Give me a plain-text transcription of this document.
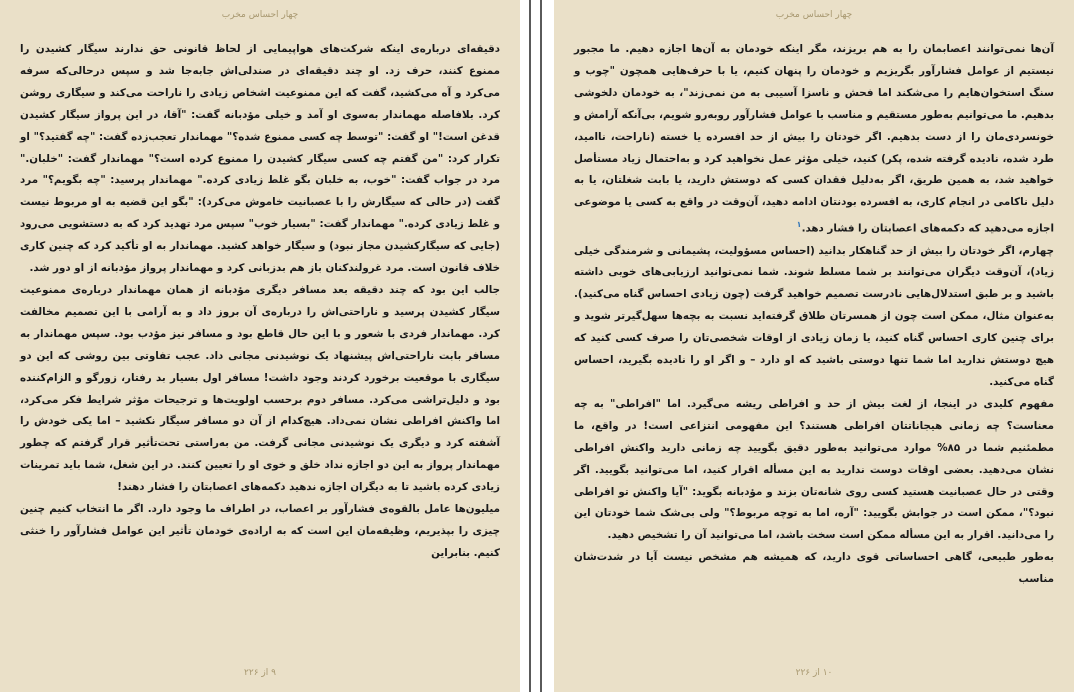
چهار احساس مخرب

دقیقه‌ای درباره‌ی اینکه شرکت‌های هواپیمایی از لحاظ قانونی حق ندارند سیگار کشیدن را ممنوع کنند، حرف زد. او چند دقیقه‌ای در صندلی‌اش جابه‌جا شد و سپس درحالی‌که سرفه می‌کرد و آه می‌کشید، گفت که این ممنوعیت اشخاص زیادی را ناراحت می‌کند و سیگاری روشن کرد. بلافاصله مهماندار به‌سوی او آمد و خیلی مؤدبانه گفت: "آقا، در این پرواز سیگار کشیدن قدغن است!" او گفت: "توسط چه کسی ممنوع شده؟" مهماندار تعجب‌زده گفت: "چه گفتید؟" او تکرار کرد: "من گفتم چه کسی سیگار کشیدن را ممنوع کرده است؟" مهماندار گفت: "خلبان." مرد در جواب گفت: "خوب، به خلبان بگو غلط زیادی کرده." مهماندار پرسید: "چه بگویم؟" مرد گفت (در حالی که سیگارش را با عصبانیت خاموش می‌کرد): "بگو این قضیه به او مربوط نیست و غلط زیادی کرده." مهماندار گفت: "بسیار خوب" سپس مرد تهدید کرد که به دستشویی می‌رود (جایی که سیگارکشیدن مجاز نبود) و سیگار خواهد کشید. مهماندار به او تأکید کرد که چنین کاری خلاف قانون است. مرد غرولندکنان باز هم بدزبانی کرد و مهماندار پرواز مؤدبانه از او دور شد.

جالب این بود که چند دقیقه بعد مسافر دیگری مؤدبانه از همان مهماندار درباره‌ی ممنوعیت سیگار کشیدن پرسید و ناراحتی‌اش را درباره‌ی آن بروز داد و به آرامی با این تصمیم مخالفت کرد. مهماندار فردی با شعور و با این حال قاطع بود و مسافر نیز مؤدب بود. سپس مهماندار به مسافر بابت ناراحتی‌اش پیشنهاد یک نوشیدنی مجانی داد. عجب تفاوتی بین روشی که این دو سیگاری با موقعیت برخورد کردند وجود داشت! مسافر اول بسیار بد رفتار، زورگو و الزام‌کننده بود و دلیل‌تراشی می‌کرد. مسافر دوم برحسب اولویت‌ها و ترجیحات مؤثر شرایط فکر می‌کرد، اما واکنش افراطی نشان نمی‌داد. هیچ‌کدام از آن دو مسافر سیگار نکشید – اما یکی خودش را آشفته کرد و دیگری یک نوشیدنی مجانی گرفت. من به‌راستی تحت‌تأثیر قرار گرفتم که چطور مهماندار پرواز به این دو اجازه نداد خلق و خوی او را تعیین کنند. در این شغل، شما باید تمرینات زیادی کرده باشید تا به دیگران اجازه ندهید دکمه‌های اعصابتان را فشار دهند!

میلیون‌ها عامل بالقوه‌ی فشارآور بر اعصاب، در اطراف ما وجود دارد. اگر ما انتخاب کنیم چنین چیزی را بپذیریم، وظیفه‌مان این است که به اراده‌ی خودمان تأثیر این عوامل فشارآور را خنثی کنیم. بنابراین

۹ از ۲۲۶
چهار احساس مخرب

آن‌ها نمی‌توانند اعصابمان را به هم بریزند، مگر اینکه خودمان به آن‌ها اجازه دهیم. ما مجبور نیستیم از عوامل فشارآور بگریزیم و خودمان را پنهان کنیم، یا با حرف‌هایی همچون "چوب و سنگ استخوان‌هایم را می‌شکند اما فحش و ناسزا آسیبی به من نمی‌زند"، به خودمان دلخوشی بدهیم. ما می‌توانیم به‌طور مستقیم و مناسب با عوامل فشارآور روبه‌رو شویم، بی‌آنکه آرامش و خونسردی‌مان را از دست بدهیم. اگر خودتان را بیش از حد افسرده یا خسته (ناراحت، ناامید، طرد شده، نادیده گرفته شده، پکر) کنید، خیلی مؤثر عمل نخواهید کرد و به‌احتمال زیاد مستأصل خواهید شد، به همین طریق، اگر به‌دلیل فقدان کسی که دوستش دارید، یا بابت شغلتان، یا به دلیل ناکامی در انجام کاری، به افسرده بودنتان ادامه دهید، آن‌وقت در واقع به کسی یا موضوعی اجازه می‌دهید که دکمه‌های اعصابتان را فشار دهد.$^۱$

چهارم، اگر خودتان را بیش از حد گناهکار بدانید (احساس مسؤولیت، پشیمانی و شرمندگی خیلی زیاد)، آن‌وقت دیگران می‌توانند بر شما مسلط شوند. شما نمی‌توانید ارزیابی‌های خوبی داشته باشید و بر طبق استدلال‌هایی نادرست تصمیم خواهید گرفت (چون زیادی احساس گناه می‌کنید). به‌عنوان مثال، ممکن است چون از همسرتان طلاق گرفته‌اید نسبت به بچه‌ها سهل‌گیرتر شوید و برای چنین کاری احساس گناه کنید، یا زمان زیادی از اوقات شخصی‌تان را صرف کسی کنید که هیچ دوستش ندارید اما شما تنها دوستی باشید که او دارد – و اگر او را نادیده بگیرید، احساس گناه می‌کنید.

مفهوم کلیدی در اینجا، از لغت بیش از حد و افراطی ریشه می‌گیرد. اما "افراطی" به چه معناست؟ چه زمانی هیجاناتتان افراطی هستند؟ این مفهومی انتزاعی است! در واقع، ما مطمئنیم شما در ۸۵% موارد می‌توانید به‌طور دقیق بگویید چه زمانی دارید واکنش افراطی نشان می‌دهید. بعضی اوقات دوست ندارید به این مسأله اقرار کنید، اما می‌توانید بگویید. اگر وقتی در حال عصبانیت هستید کسی روی شانه‌تان بزند و مؤدبانه بگوید: "آیا واکنش تو افراطی نبود؟"، ممکن است در جوابش بگویید: "آره، اما به توچه مربوط؟" ولی بی‌شک شما خودتان این را می‌دانید. اقرار به این مسأله ممکن است سخت باشد، اما می‌توانید آن را تشخیص دهید.

به‌طور طبیعی، گاهی احساساتی قوی دارید، که همیشه هم مشخص نیست آیا در شدت‌شان مناسب

۱۰ از ۲۲۶
